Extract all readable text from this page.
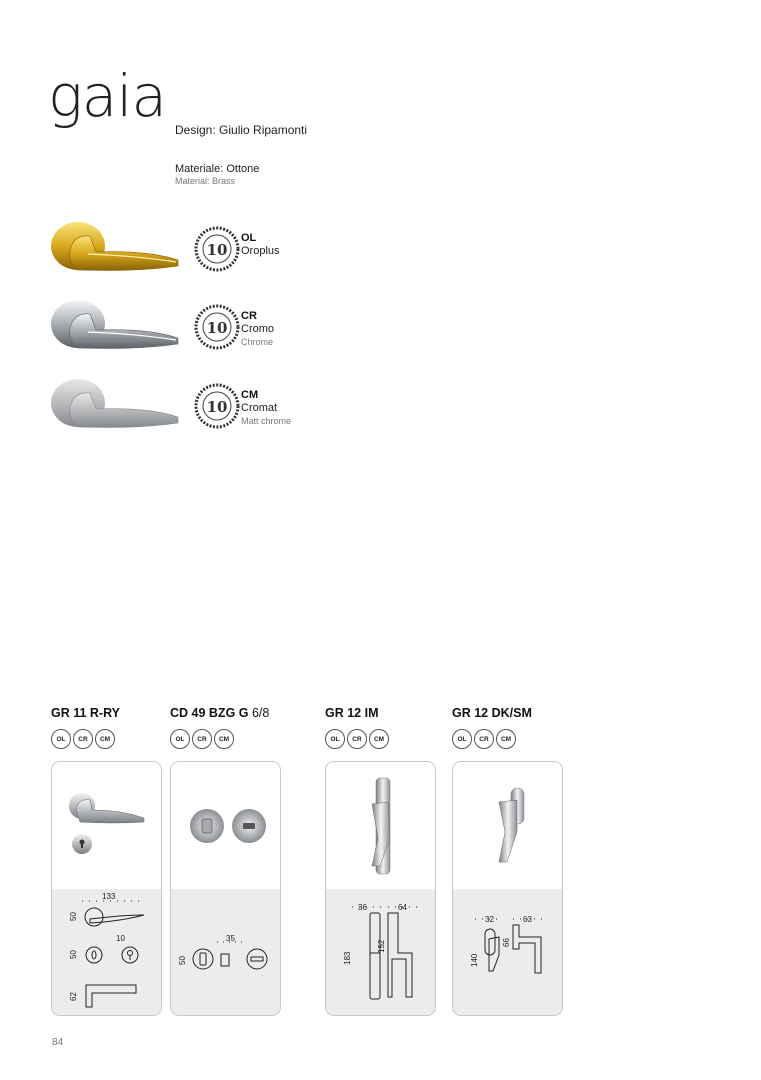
gaia Design: Giulio Ripamonti
Materiale: Ottone
Material: Brass
10
OL
Oroplus
10
CR
Cromo
Chrome
10
CM
Cromat
Matt chrome
GR 11 R-RY
OL	CR	CM
133
50
10
50
62
CD 49 BZG G 6/8
OL	CR	CM
35
50
GR 12 IM
OL	CR	CM
36	64
183
152
GR 12 DK/SM
OL	CR	CM
32	63
140
66
84
